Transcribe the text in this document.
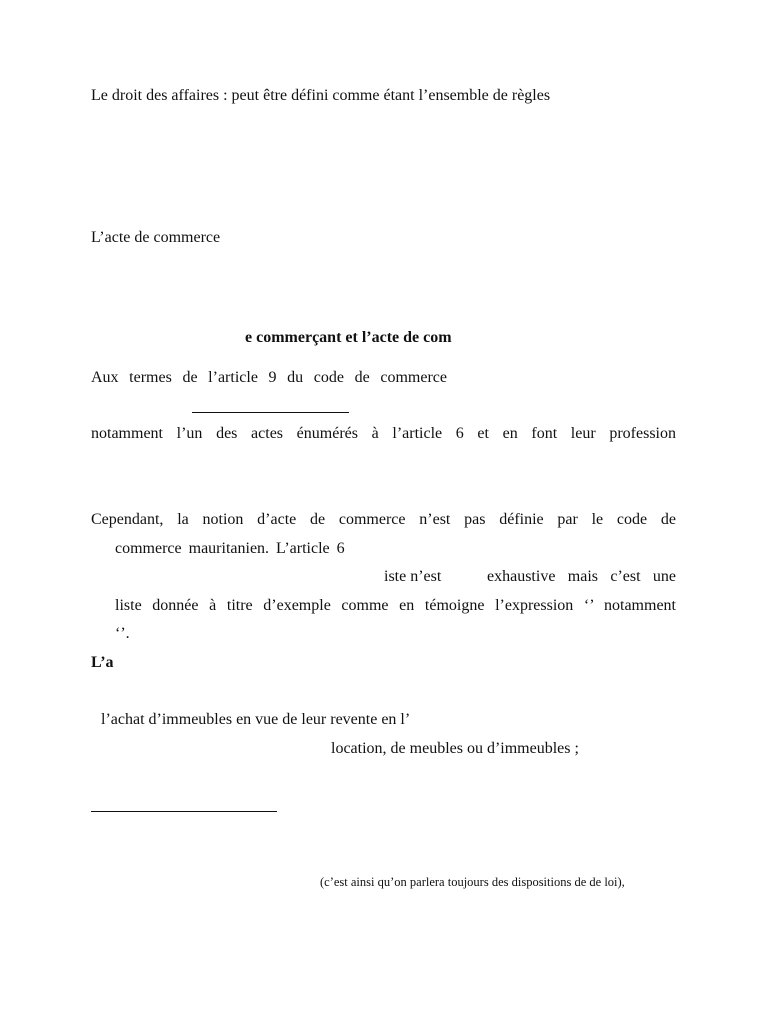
Le droit des affaires : peut être défini comme étant l’ensemble de règles
L’acte de commerce
e commerçant et l’acte de com
Aux termes de l’article 9 du code de commerce
notamment l’un des actes énumérés à l’article 6 et en font leur profession
Cependant, la notion d’acte de commerce n’est pas définie par le code de
commerce mauritanien. L’article 6
iste n’est	exhaustive mais c’est une
liste donnée à titre d’exemple comme en témoigne l’expression ‘’ notamment
‘’.
L’a
l’achat d’immeubles en vue de leur revente en l’
location, de meubles ou d’immeubles ;
(c’est ainsi qu’on parlera toujours des dispositions de de loi),
